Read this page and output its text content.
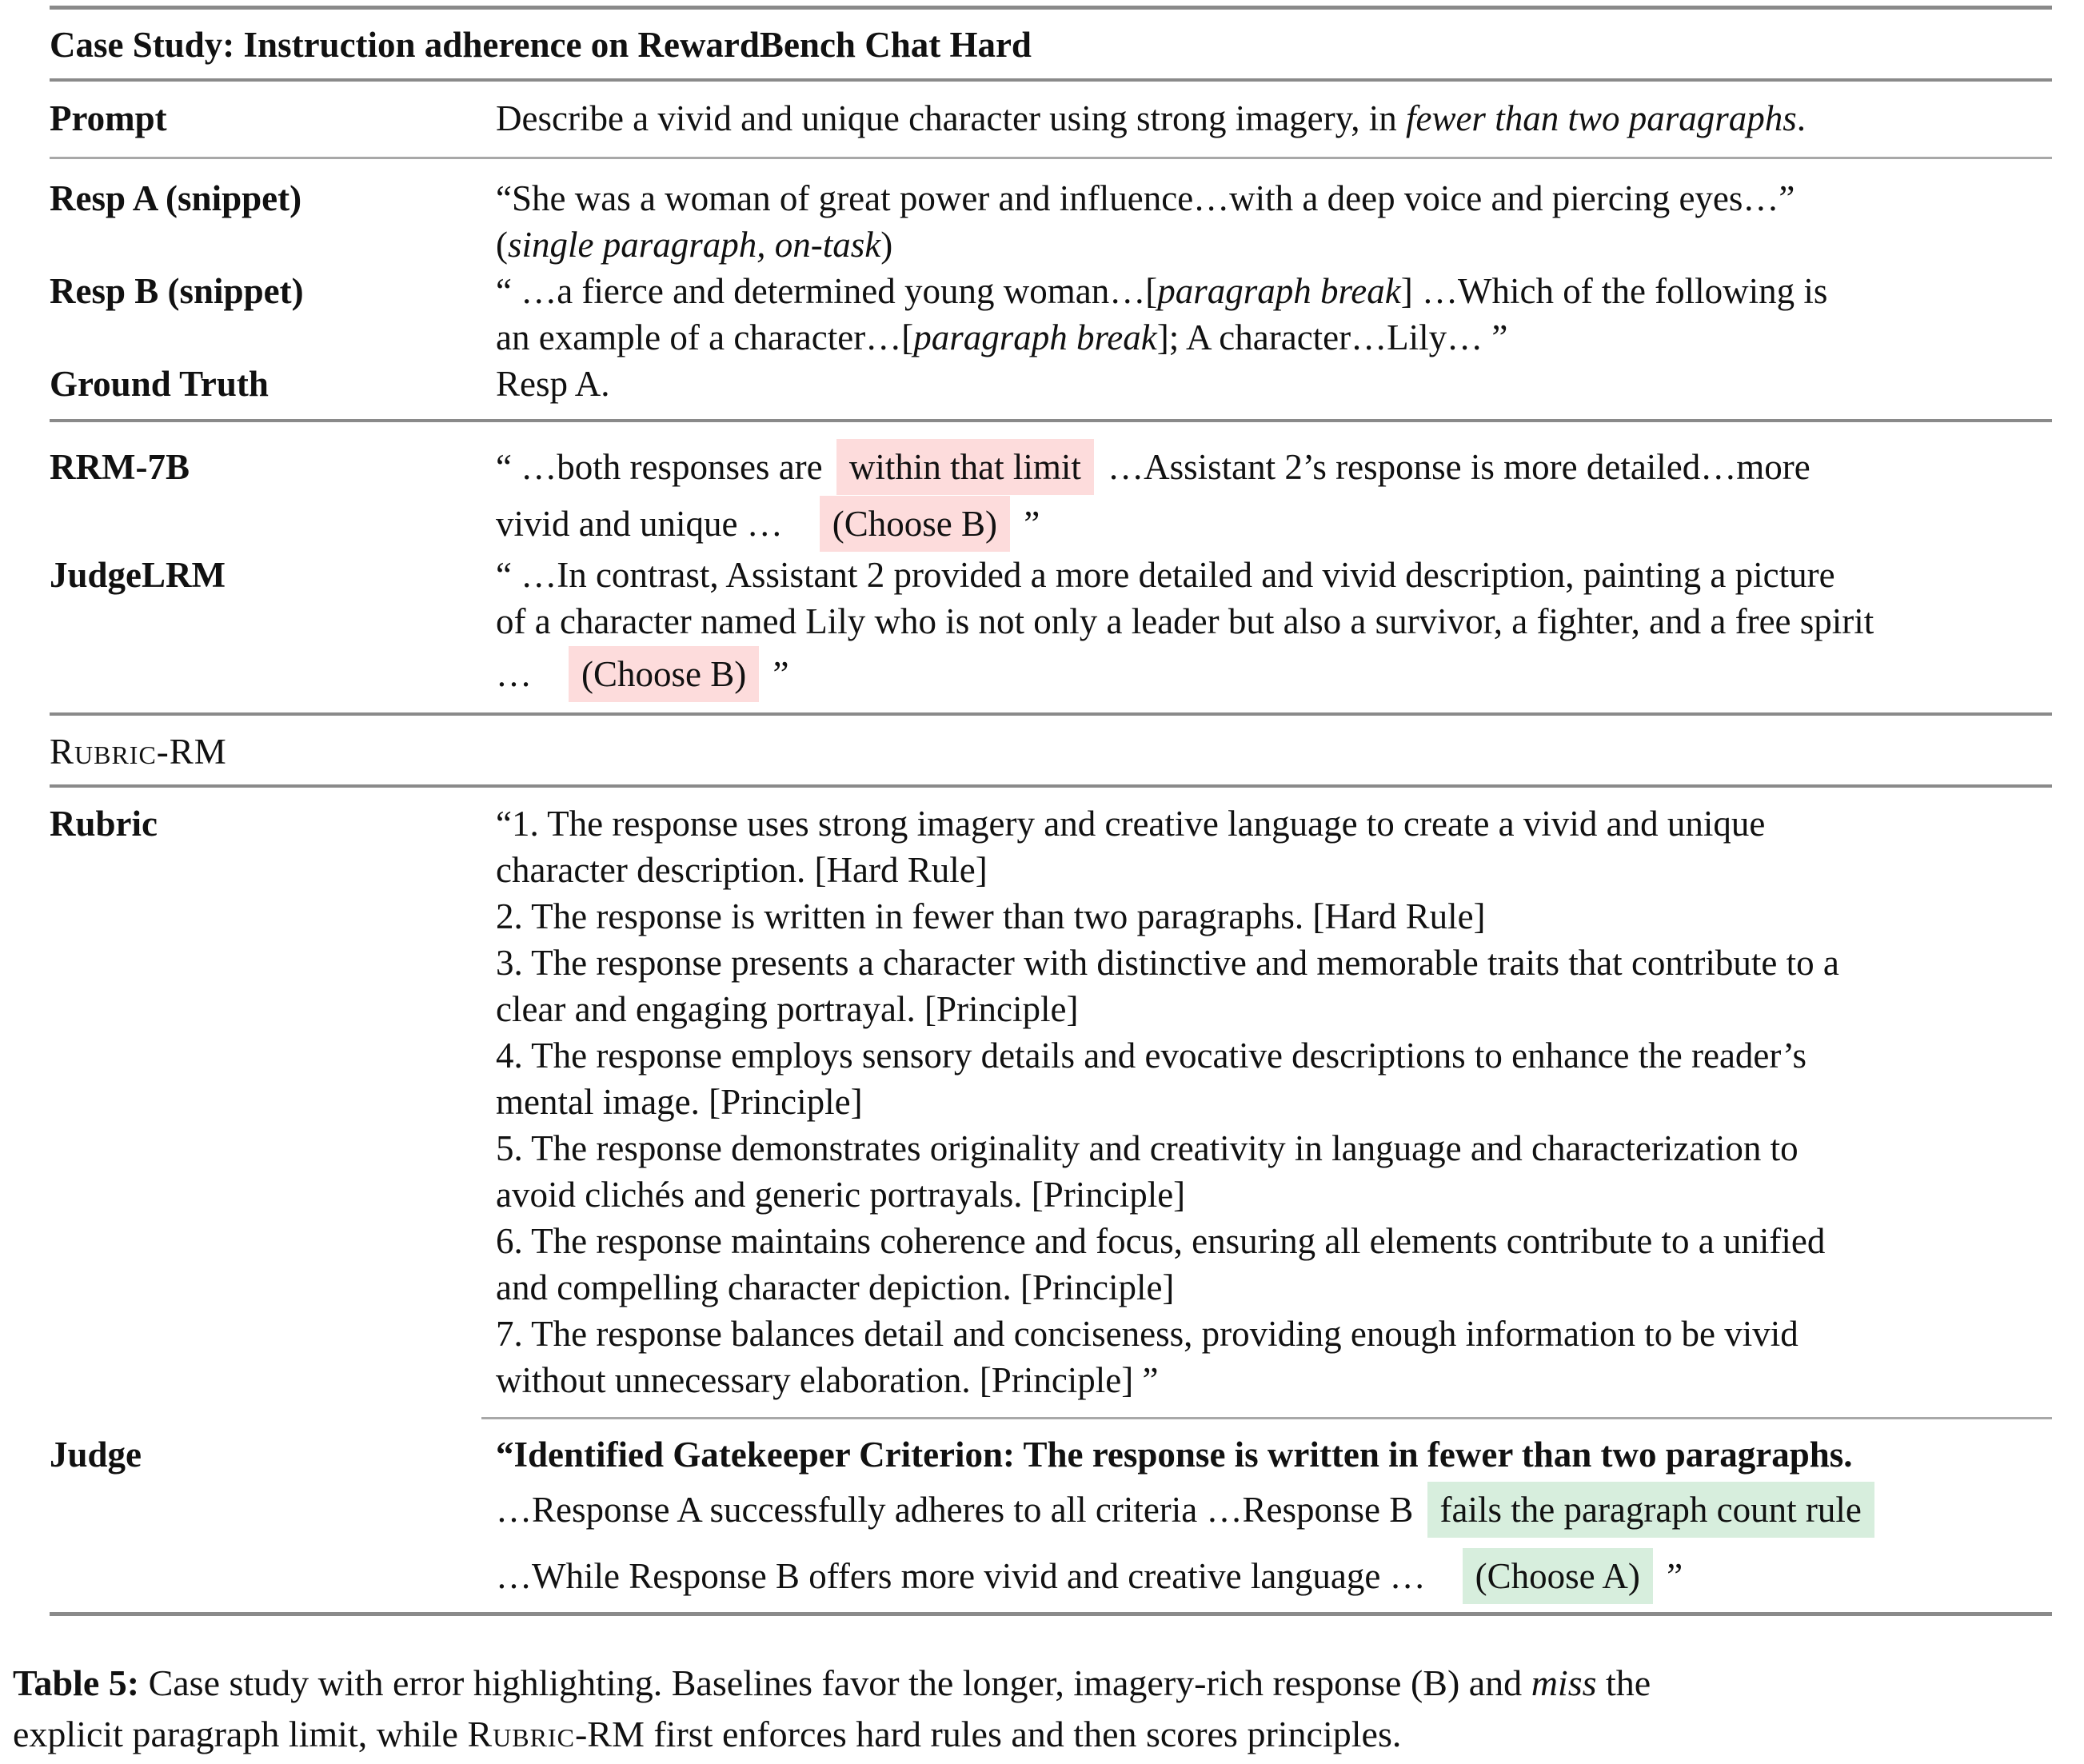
Case Study: Instruction adherence on RewardBench Chat Hard
Prompt	Describe a vivid and unique character using strong imagery, in fewer than two paragraphs.
Resp A (snippet)	“She was a woman of great power and influence…with a deep voice and piercing eyes…”
(single paragraph, on-task)
Resp B (snippet)	“ …a fierce and determined young woman…[paragraph break] …Which of the following is
an example of a character…[paragraph break]; A character…Lily… ”
Ground Truth	Resp A.
RRM-7B	“ …both responses are within that limit …Assistant 2’s response is more detailed…more
vivid and unique … (Choose B) ”
JudgeLRM	“ …In contrast, Assistant 2 provided a more detailed and vivid description, painting a picture
of a character named Lily who is not only a leader but also a survivor, a fighter, and a free spirit
… (Choose B) ”
Rubric-RM
Rubric	“1. The response uses strong imagery and creative language to create a vivid and unique
character description. [Hard Rule]
2. The response is written in fewer than two paragraphs. [Hard Rule]
3. The response presents a character with distinctive and memorable traits that contribute to a
clear and engaging portrayal. [Principle]
4. The response employs sensory details and evocative descriptions to enhance the reader’s
mental image. [Principle]
5. The response demonstrates originality and creativity in language and characterization to
avoid clichés and generic portrayals. [Principle]
6. The response maintains coherence and focus, ensuring all elements contribute to a unified
and compelling character depiction. [Principle]
7. The response balances detail and conciseness, providing enough information to be vivid
without unnecessary elaboration. [Principle] ”
Judge	“Identified Gatekeeper Criterion: The response is written in fewer than two paragraphs.
…Response A successfully adheres to all criteria …Response B fails the paragraph count rule
…While Response B offers more vivid and creative language … (Choose A) ”
Table 5: Case study with error highlighting. Baselines favor the longer, imagery-rich response (B) and miss the
explicit paragraph limit, while Rubric-RM first enforces hard rules and then scores principles.
